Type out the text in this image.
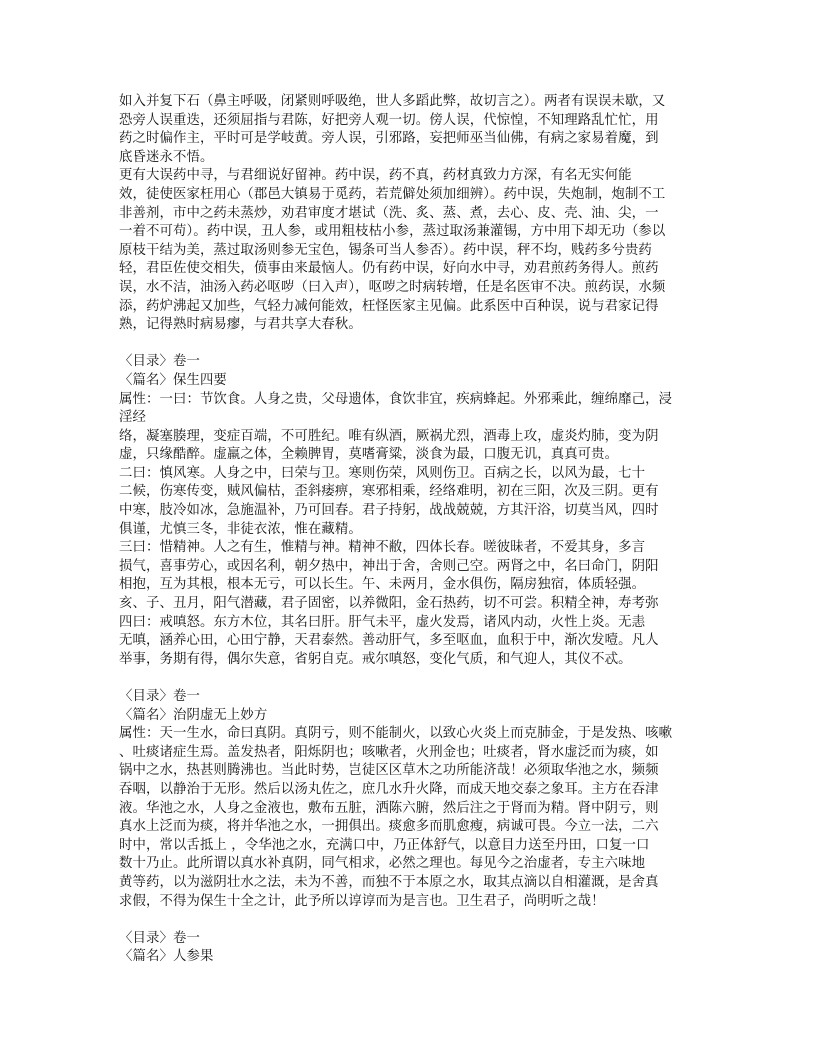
如入并复下石（鼻主呼吸，闭紧则呼吸绝，世人多蹈此弊，故切言之）。两者有误误未歇，又
恐旁人误重迭，还须屈指与君陈，好把旁人观一切。傍人误，代惊惶，不知理路乱忙忙，用
药之时偏作主，平时可是学岐黄。旁人误，引邪路，妄把师巫当仙佛，有病之家易着魔，到
底昏迷永不悟。
更有大误药中寻，与君细说好留神。药中误，药不真，药材真致力方深，有名无实何能
效，徒使医家枉用心（郡邑大镇易于觅药，若荒僻处须加细辨）。药中误，失炮制，炮制不工
非善剂，市中之药未蒸炒，劝君审度才堪试（洗、炙、蒸、煮，去心、皮、壳、油、尖，一
一着不可苟）。药中误，丑人参，或用粗枝枯小参，蒸过取汤兼灌锡，方中用下却无功（参以
原枝干结为美，蒸过取汤则参无宝色，锡条可当人参否）。药中误，秤不均，贱药多兮贵药
轻，君臣佐使交相失，偾事由来最恼人。仍有药中误，好向水中寻，劝君煎药务得人。煎药
误，水不洁，油汤入药必呕哕（曰入声），呕哕之时病转增，任是名医审不决。煎药误，水频
添，药炉沸起又加些，气轻力减何能效，枉怪医家主见偏。此系医中百种误，说与君家记得
熟，记得熟时病易瘳，与君共享大春秋。
〈目录〉卷一
〈篇名〉保生四要
属性：一曰：节饮食。人身之贵，父母遗体，食饮非宜，疾病蜂起。外邪乘此，缠绵靡己，浸
淫经
络，凝塞腠理，变症百端，不可胜纪。唯有纵酒，厥祸尤烈，酒毒上攻，虚炎灼肺，变为阴
虚，只缘酷醉。虚羸之体，全赖脾胃，莫嗜膏粱，淡食为最，口腹无讥，真真可贵。
二曰：慎风寒。人身之中，曰荣与卫。寒则伤荣，风则伤卫。百病之长，以风为最，七十
二候，伤寒传变，贼风偏枯，歪斜痿痹，寒邪相乘，经络难明，初在三阳，次及三阴。更有
中寒，肢冷如冰，急施温补，乃可回春。君子持躬，战战兢兢，方其汗浴，切莫当风，四时
俱谨，尤慎三冬，非徒衣浓，惟在藏精。
三曰：惜精神。人之有生，惟精与神。精神不敝，四体长春。嗟彼昧者，不爱其身，多言
损气，喜事劳心，或因名利，朝夕热中，神出于舍，舍则己空。两肾之中，名曰命门，阴阳
相抱，互为其根，根本无亏，可以长生。午、未两月，金水俱伤，隔房独宿，体质轻强。
亥、子、丑月，阳气潜藏，君子固密，以养微阳，金石热药，切不可尝。积精全神，寿考弥
四曰：戒嗔怒。东方木位，其名曰肝。肝气未平，虚火发焉，诸风内动，火性上炎。无恚
无嗔，涵养心田，心田宁静，天君泰然。善动肝气，多至呕血，血积于中，渐次发噎。凡人
举事，务期有得，偶尔失意，省躬自克。戒尔嗔怒，变化气质，和气迎人，其仪不忒。
〈目录〉卷一
〈篇名〉治阴虚无上妙方
属性：天一生水，命曰真阴。真阴亏，则不能制火，以致心火炎上而克肺金，于是发热、咳嗽
、吐痰诸症生焉。盖发热者，阳烁阴也；咳嗽者，火刑金也；吐痰者，肾水虚泛而为痰，如
锅中之水，热甚则腾沸也。当此时势，岂徒区区草木之功所能济哉！必须取华池之水，频频
吞咽，以静治于无形。然后以汤丸佐之，庶几水升火降，而成天地交泰之象耳。主方在吞津
液。华池之水，人身之金液也，敷布五脏，洒陈六腑，然后注之于肾而为精。肾中阴亏，则
真水上泛而为痰，将并华池之水，一拥俱出。痰愈多而肌愈瘦，病诚可畏。今立一法，二六
时中，常以舌抵上 ，令华池之水，充满口中，乃正体舒气，以意目力送至丹田，口复一口
数十乃止。此所谓以真水补真阴，同气相求，必然之理也。每见今之治虚者，专主六味地
黄等药，以为滋阴壮水之法，未为不善，而独不于本原之水，取其点滴以自相灌溉，是舍真
求假，不得为保生十全之计，此予所以谆谆而为是言也。卫生君子，尚明听之哉！
〈目录〉卷一
〈篇名〉人参果
